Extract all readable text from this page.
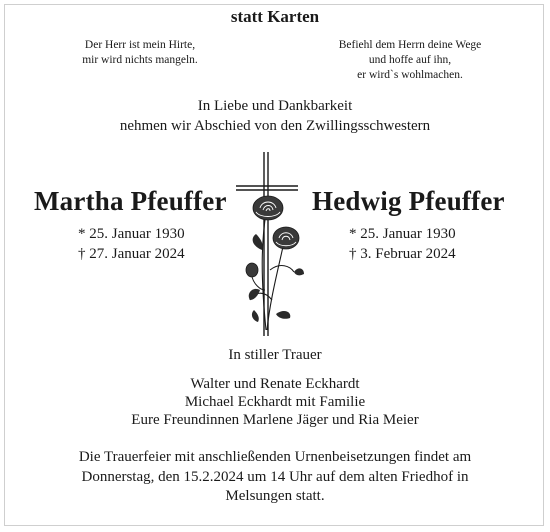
statt Karten
Der Herr ist mein Hirte,
mir wird nichts mangeln.
Befiehl dem Herrn deine Wege
und hoffe auf ihn,
er wird`s wohlmachen.
In Liebe und Dankbarkeit
nehmen wir Abschied von den Zwillingsschwestern
Martha Pfeuffer	Hedwig Pfeuffer
* 25. Januar 1930
† 27. Januar 2024
* 25. Januar 1930
† 3. Februar 2024
In stiller Trauer
Walter und Renate Eckhardt
Michael Eckhardt mit Familie
Eure Freundinnen Marlene Jäger und Ria Meier
Die Trauerfeier mit anschließenden Urnenbeisetzungen findet am
Donnerstag, den 15.2.2024 um 14 Uhr auf dem alten Friedhof in
Melsungen statt.
